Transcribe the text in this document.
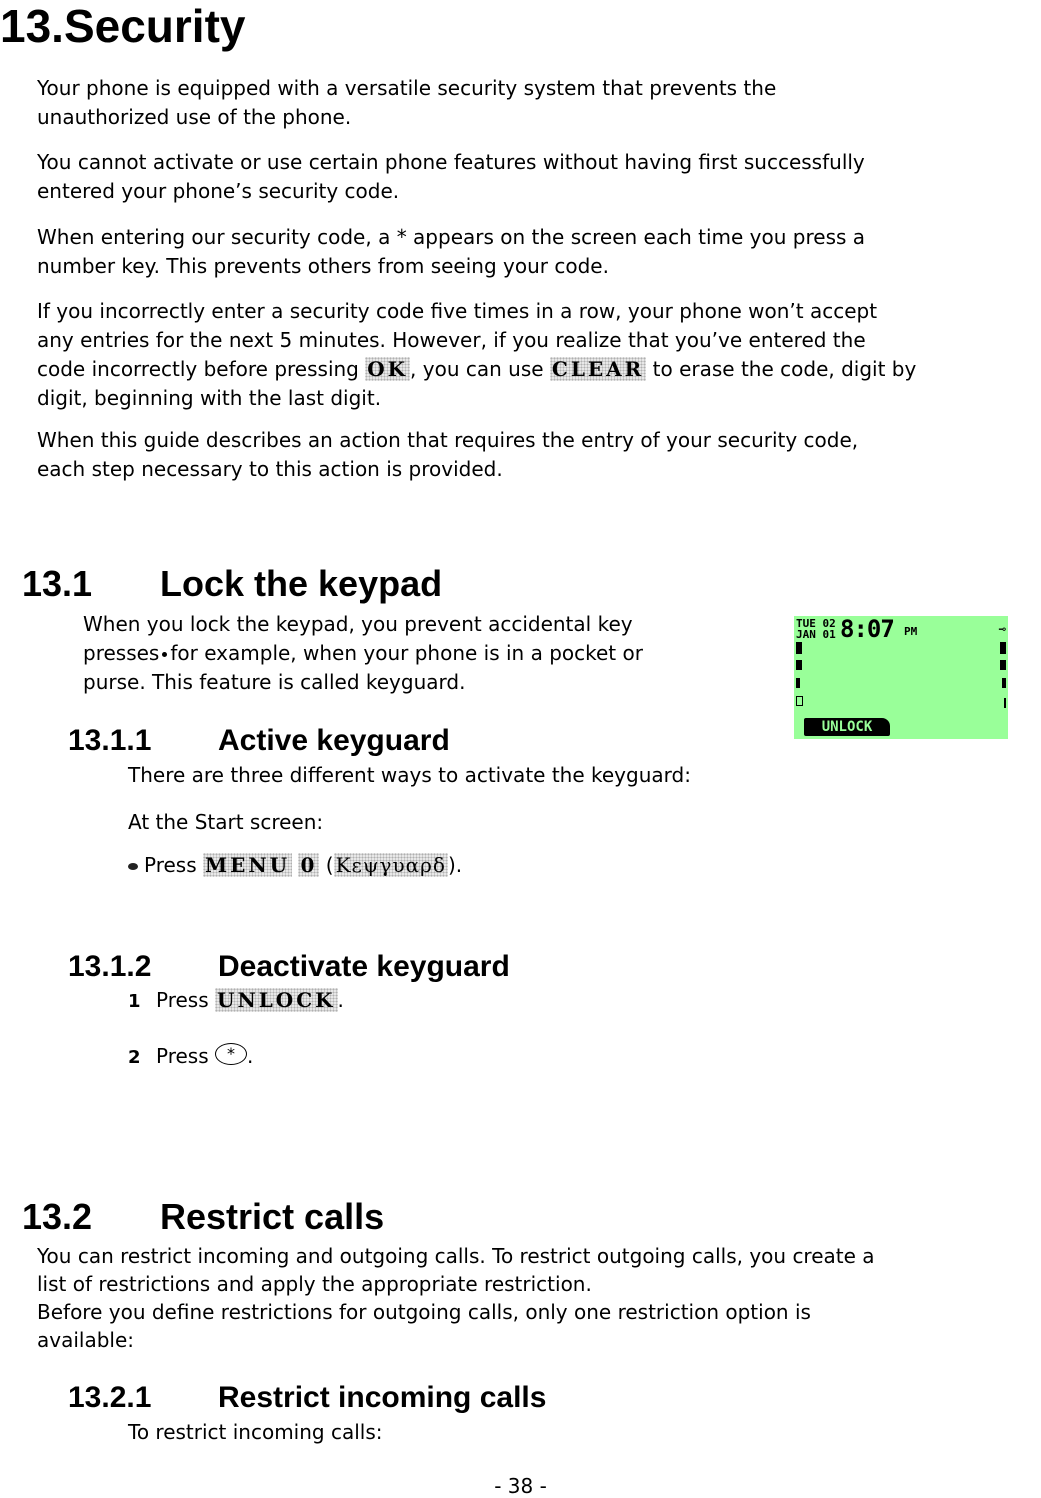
13.Security
Your phone is equipped with a versatile security system that prevents the
unauthorized use of the phone.
You cannot activate or use certain phone features without having first successfully
entered your phone’s security code.
When entering our security code, a * appears on the screen each time you press a
number key. This prevents others from seeing your code.
If you incorrectly enter a security code five times in a row, your phone won’t accept
any entries for the next 5 minutes. However, if you realize that you’ve entered the
code incorrectly before pressing OK , you can use CLEAR to erase the code, digit by
digit, beginning with the last digit.
When this guide describes an action that requires the entry of your security code,
each step necessary to this action is provided.
13.1 Lock the keypad
When you lock the keypad, you prevent accidental key
presses for example, when your phone is in a pocket or
purse. This feature is called keyguard.
TUE 02
JAN 01 8:07 PM	⊸
UNLOCK
13.1.1 Active keyguard
There are three different ways to activate the keyguard:
At the Start screen:
Press MENU 0 ( Κεψγυαρδ ).
13.1.2 Deactivate keyguard
1 Press UNLOCK .
2 Press * .
13.2 Restrict calls
You can restrict incoming and outgoing calls. To restrict outgoing calls, you create a
list of restrictions and apply the appropriate restriction.
Before you define restrictions for outgoing calls, only one restriction option is
available:
13.2.1 Restrict incoming calls
To restrict incoming calls:
- 38 -
